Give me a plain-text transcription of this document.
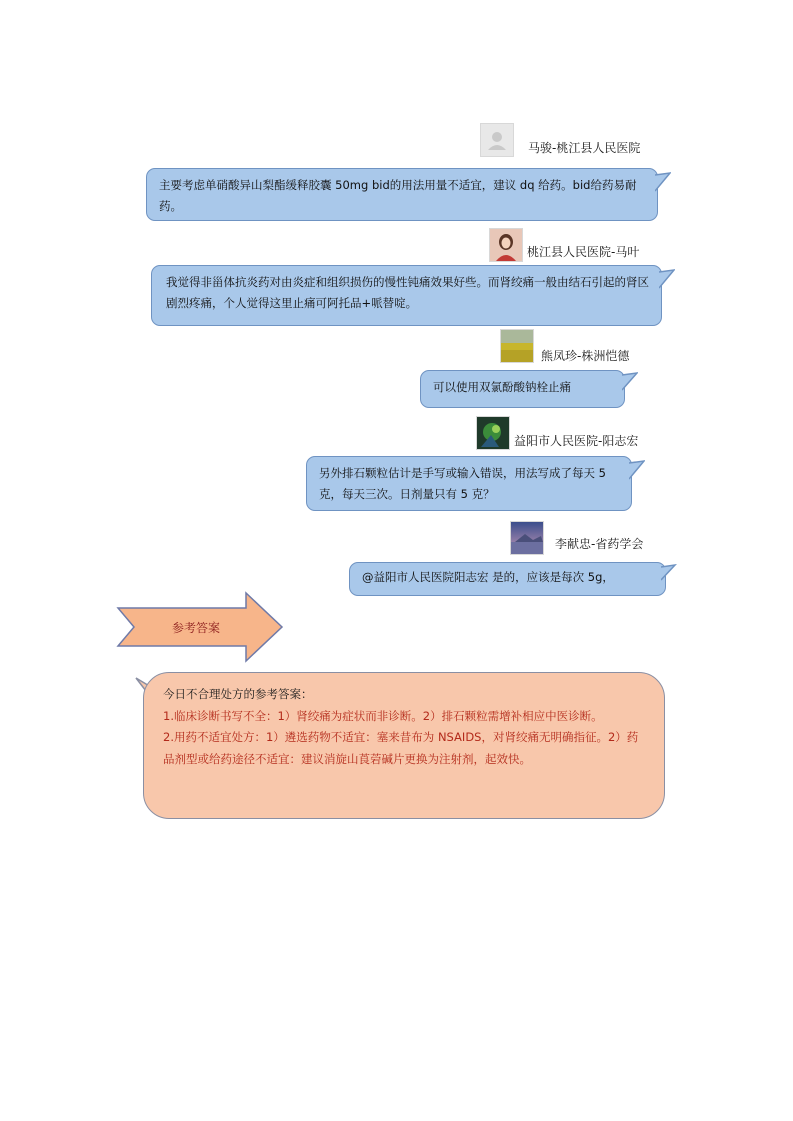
马骏-桃江县人民医院

主要考虑单硝酸异山梨酯缓释胶囊 50mg bid的用法用量不适宜，建议 dq 给药。bid给药易耐药。

桃江县人民医院-马叶

我觉得非甾体抗炎药对由炎症和组织损伤的慢性钝痛效果好些。而肾绞痛一般由结石引起的肾区剧烈疼痛，个人觉得这里止痛可阿托品+哌替啶。

熊凤珍-株洲恺德

可以使用双氯酚酸钠栓止痛

益阳市人民医院-阳志宏

另外排石颗粒估计是手写或输入错误，用法写成了每天 5 克，每天三次。日剂量只有 5 克？

李献忠-省药学会

@益阳市人民医院阳志宏 是的，应该是每次 5g，

参考答案

今日不合理处方的参考答案：

1.临床诊断书写不全：1）肾绞痛为症状而非诊断。2）排石颗粒需增补相应中医诊断。

2.用药不适宜处方：1）遴选药物不适宜：塞来昔布为 NSAIDS，对肾绞痛无明确指征。2）药品剂型或给药途径不适宜：建议消旋山莨菪碱片更换为注射剂，起效快。
